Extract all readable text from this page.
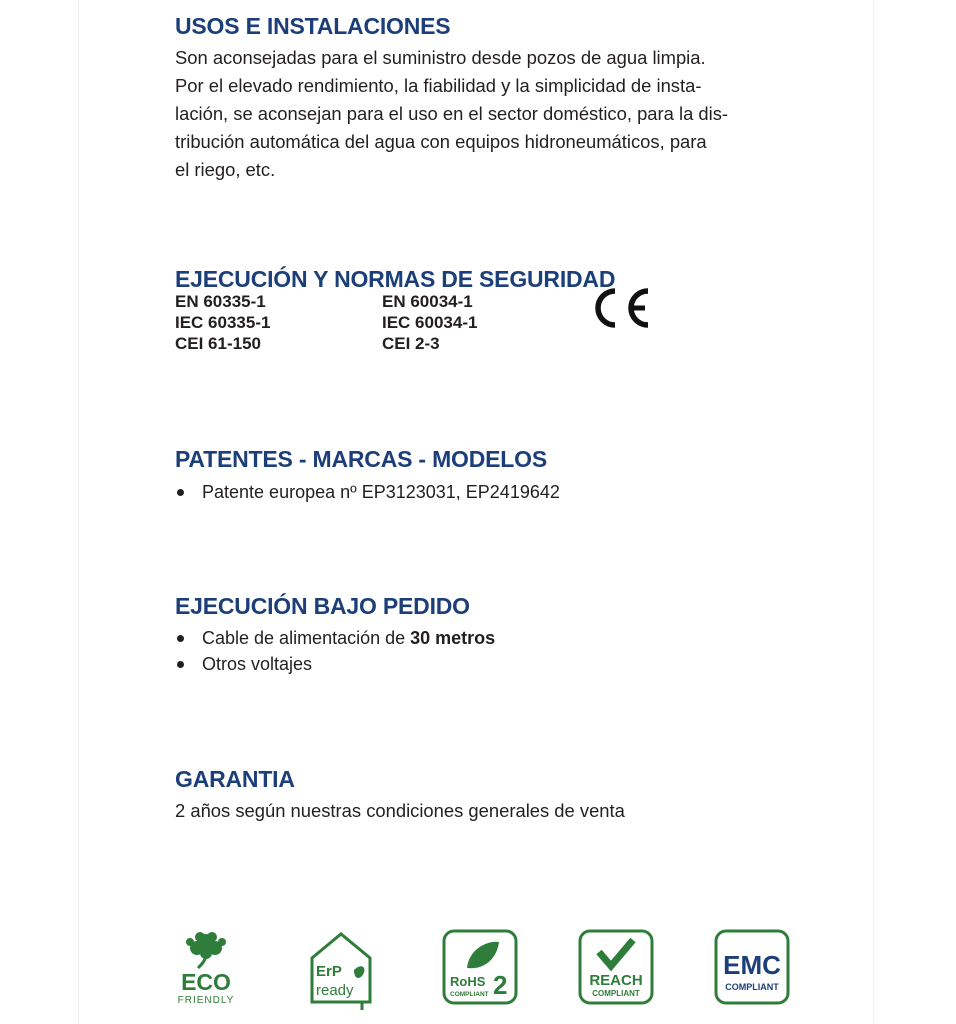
USOS E INSTALACIONES

Son aconsejadas para el suministro desde pozos de agua limpia.

Por el elevado rendimiento, la fiabilidad y la simplicidad de insta-

lación, se aconsejan para el uso en el sector doméstico, para la dis-

tribución automática del agua con equipos hidroneumáticos, para

el riego, etc.

EJECUCIÓN Y NORMAS DE SEGURIDAD
EN 60335-1
IEC 60335-1
CEI 61-150
EN 60034-1
IEC 60034-1
CEI 2-3
PATENTES - MARCAS - MODELOS
Patente europea nº EP3123031, EP2419642
EJECUCIÓN BAJO PEDIDO
Cable de alimentación de 30 metros
Otros voltajes
GARANTIA

2 años según nuestras condiciones generales de venta

ECO
FRIENDLY
ErP
ready
RoHS 2
COMPLIANT
REACH
COMPLIANT
EMC
COMPLIANT
